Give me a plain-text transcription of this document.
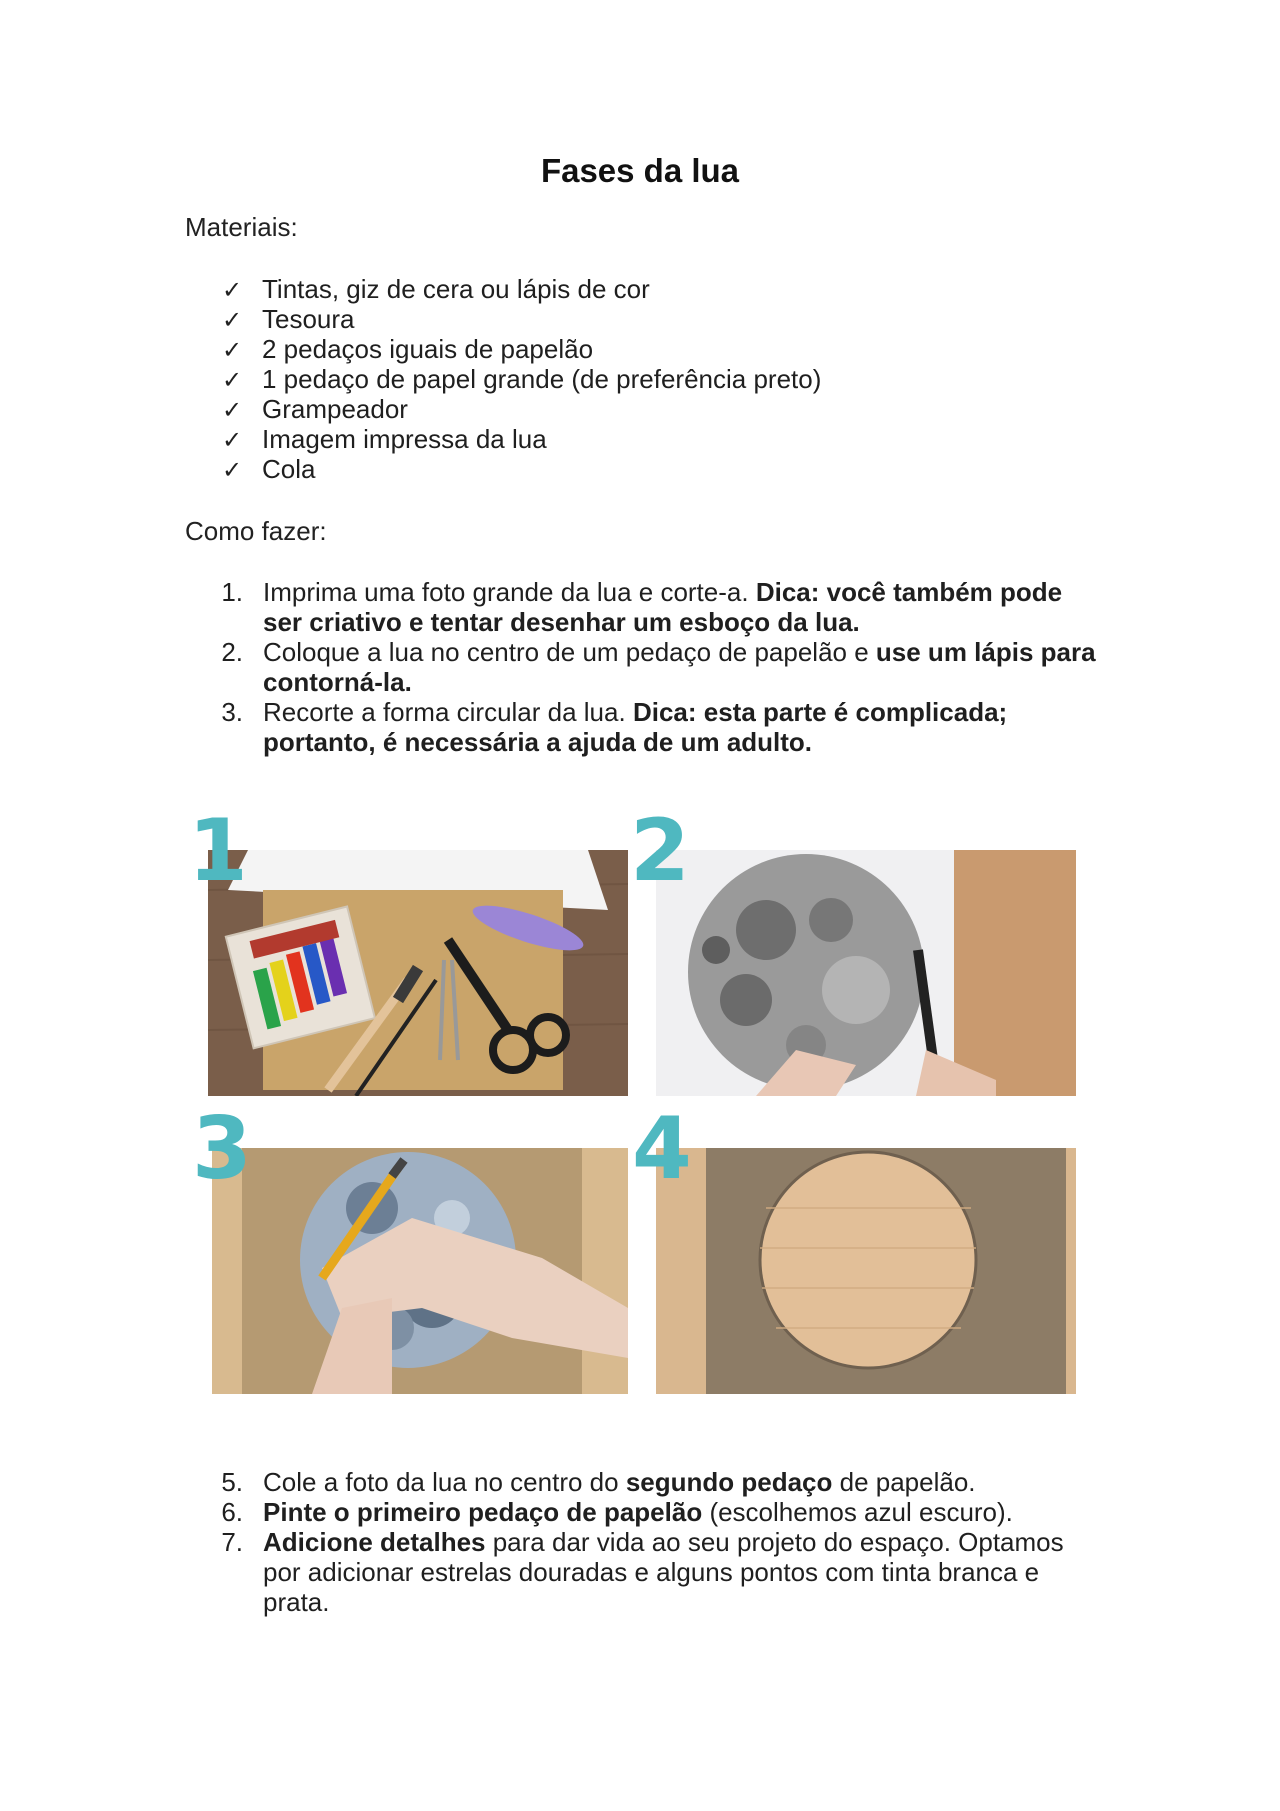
Fases da lua
Materiais:
✓ Tintas, giz de cera ou lápis de cor
✓ Tesoura
✓ 2 pedaços iguais de papelão
✓ 1 pedaço de papel grande (de preferência preto)
✓ Grampeador
✓ Imagem impressa da lua
✓ Cola
Como fazer:
1. Imprima uma foto grande da lua e corte-a. Dica: você também pode ser criativo e tentar desenhar um esboço da lua.
2. Coloque a lua no centro de um pedaço de papelão e use um lápis para contorná-la.
3. Recorte a forma circular da lua. Dica: esta parte é complicada; portanto, é necessária a ajuda de um adulto.
1	2
3	4
5. Cole a foto da lua no centro do segundo pedaço de papelão.
6. Pinte o primeiro pedaço de papelão (escolhemos azul escuro).
7. Adicione detalhes para dar vida ao seu projeto do espaço. Optamos por adicionar estrelas douradas e alguns pontos com tinta branca e prata.
